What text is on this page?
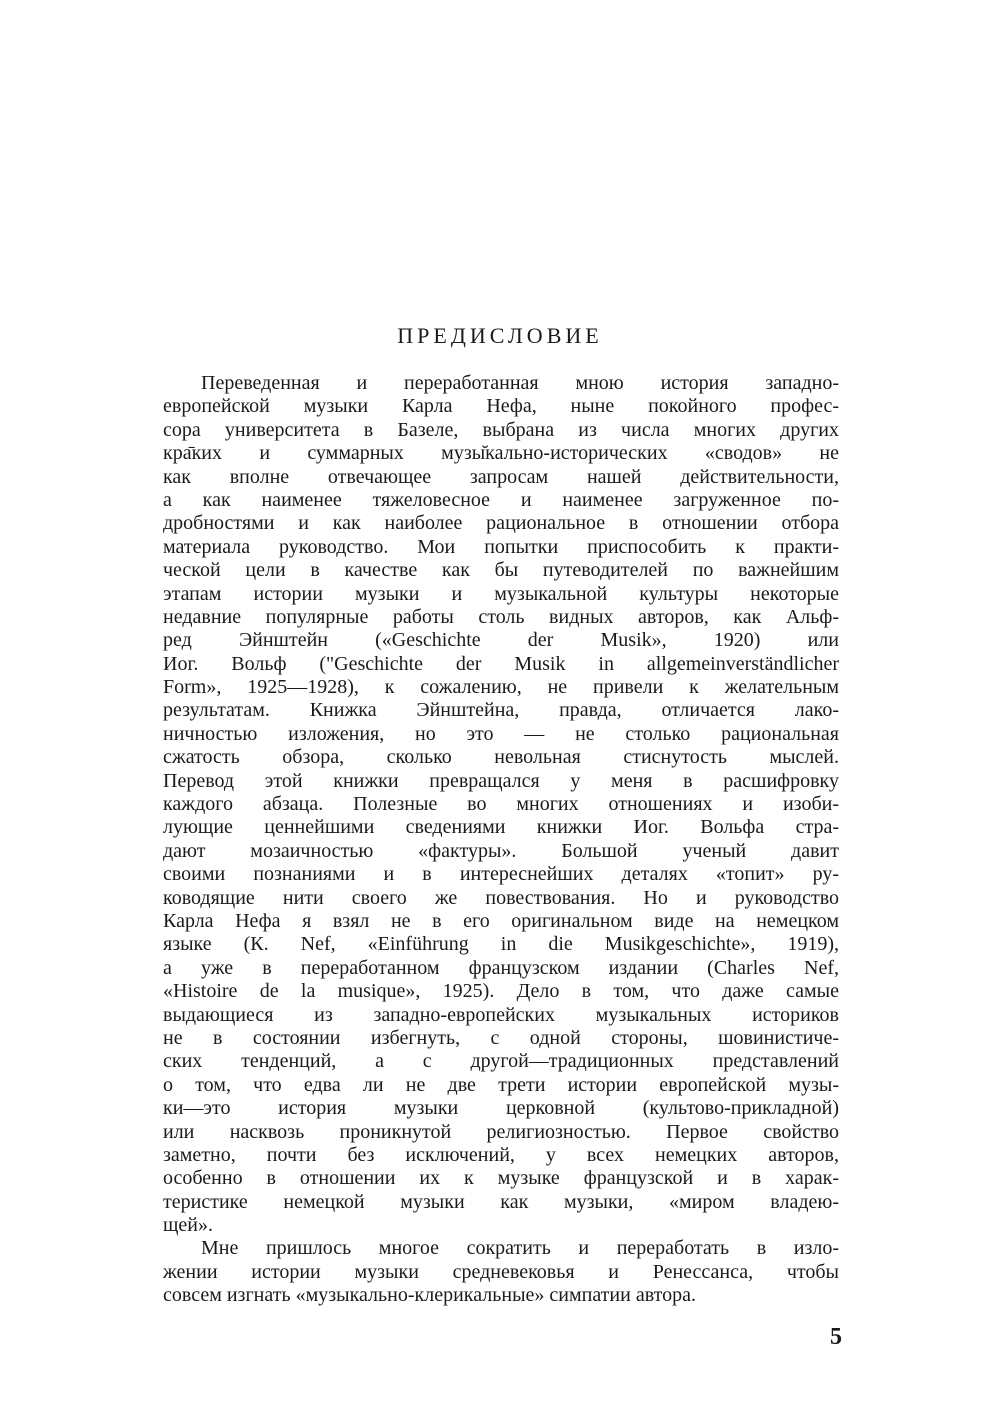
ПРЕДИСЛОВИЕ
Переведенная и переработанная мною история западно-
европейской музыки Карла Нефа, ныне покойного профес-
сора университета в Базеле, выбрана из числа многих других
кра̄ких и суммарных музы̆кально-исторических «сводов» не
как вполне отвечающее запросам нашей действительности,
а как наименее тяжеловесное и наименее загруженное по-
дробностями и как наиболее рациональное в отношении отбора
материала руководство. Мои попытки приспособить к практи-
ческой цели в качестве как бы путеводителей по важнейшим
этапам истории музыки и музыкальной культуры некоторые
недавние популярные работы столь видных авторов, как Альф-
ред Эйнштейн («Geschichte der Musik», 1920) или
Иог. Вольф ("Geschichte der Musik in allgemeinverständlicher
Form», 1925—1928), к сожалению, не привели к желательным
результатам. Книжка Эйнштейна, правда, отличается лако-
ничностью изложения, но это — не столько рациональная
сжатость обзора, сколько невольная стиснутость мыслей.
Перевод этой книжки превращался у меня в расшифровку
каждого абзаца. Полезные во многих отношениях и изоби-
лующие ценнейшими сведениями книжки Иог. Вольфа стра-
дают мозаичностью «фактуры». Большой ученый давит
своими познаниями и в интереснейших деталях «топит» ру-
ководящие нити своего же повествования. Но и руководство
Карла Нефа я взял не в его оригинальном виде на немецком
языке (К. Nef, «Einführung in die Musikgeschichte», 1919),
а уже в переработанном французском издании (Charles Nef,
«Histoire de la musique», 1925). Дело в том, что даже самые
выдающиеся из западно-европейских музыкальных историков
не в состоянии избегнуть, с одной стороны, шовинистиче-
ских тенденций, а с другой—традиционных представлений
о том, что едва ли не две трети истории европейской музы-
ки—это история музыки церковной (культово-прикладной)
или насквозь проникнутой религиозностью. Первое свойство
заметно, почти без исключений, у всех немецких авторов,
особенно в отношении их к музыке французской и в харак-
теристике немецкой музыки как музыки, «миром владею-
щей».
Мне пришлось многое сократить и переработать в изло-
жении истории музыки средневековья и Ренессанса, чтобы
совсем изгнать «музыкально-клерикальные» симпатии автора.
5
